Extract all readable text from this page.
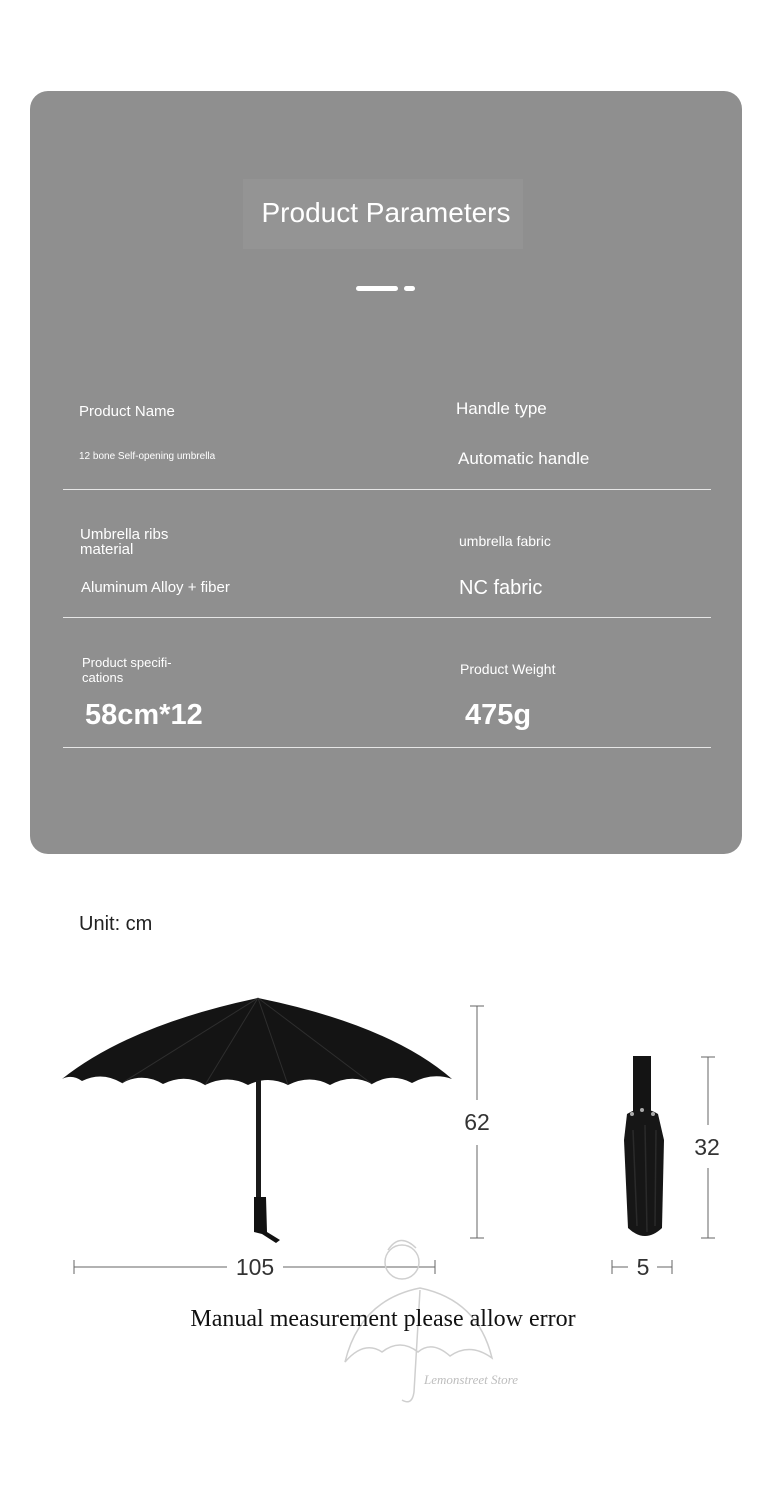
Product Parameters
Product Name
12 bone Self-opening umbrella
Handle type
Automatic handle
Umbrella ribs material
Aluminum Alloy + fiber
umbrella fabric
NC fabric
Product specifi- cations
58cm*12
Product Weight
475g
Unit: cm
62
105
32
5
Lemonstreet Store
Manual measurement please allow error
